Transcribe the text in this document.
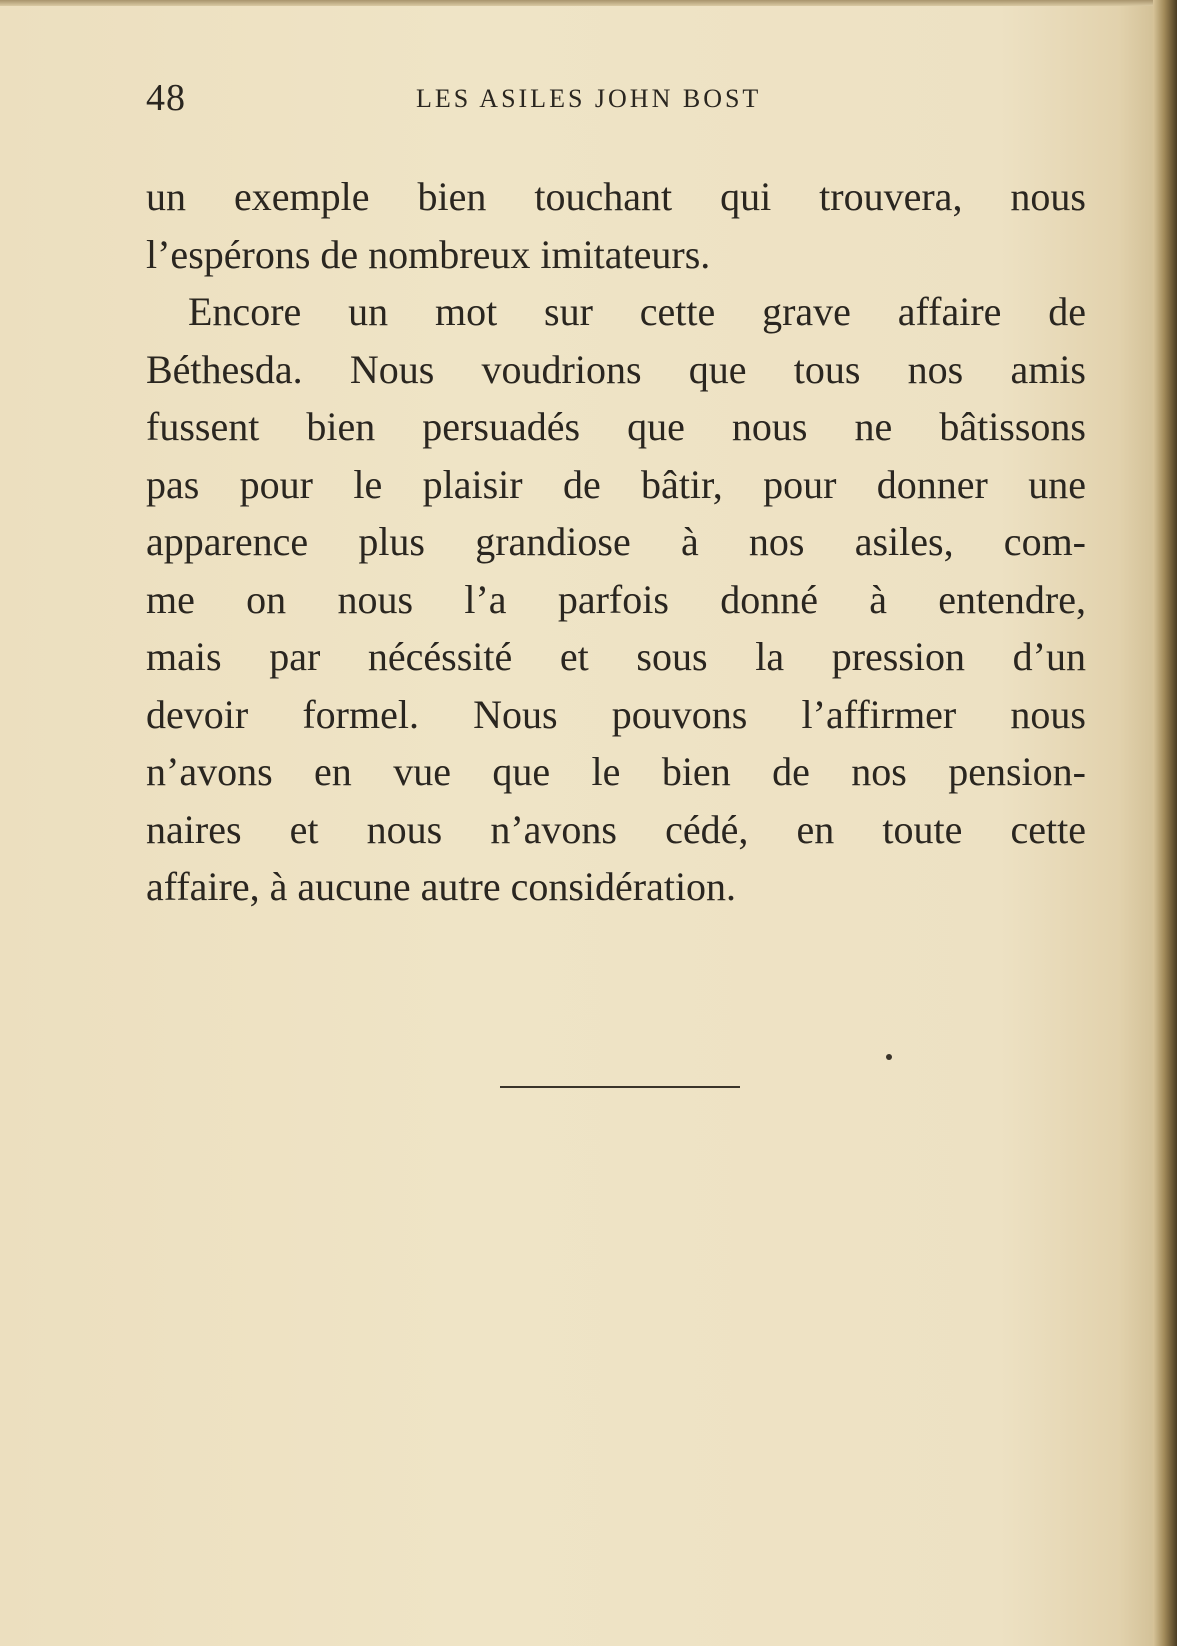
48	LES ASILES JOHN BOST
un exemple bien touchant qui trouvera, nous
l’espérons de nombreux imitateurs.
Encore un mot sur cette grave affaire de
Béthesda. Nous voudrions que tous nos amis
fussent bien persuadés que nous ne bâtissons
pas pour le plaisir de bâtir, pour donner une
apparence plus grandiose à nos asiles, com-
me on nous l’a parfois donné à entendre,
mais par nécéssité et sous la pression d’un
devoir formel. Nous pouvons l’affirmer nous
n’avons en vue que le bien de nos pension-
naires et nous n’avons cédé, en toute cette
affaire, à aucune autre considération.
